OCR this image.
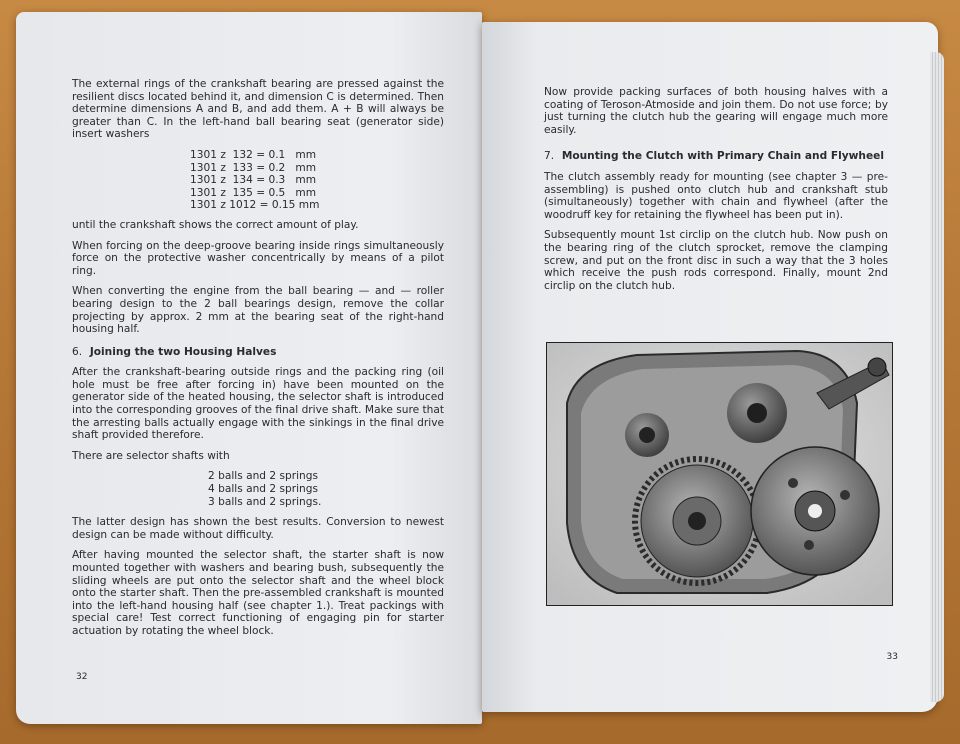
The external rings of the crankshaft bearing are pressed against the resilient discs located behind it, and dimension C is determined. Then determine dimensions A and B, and add them. A + B will always be greater than C. In the left-hand ball bearing seat (generator side) insert washers

1301 z  132 = 0.1   mm
1301 z  133 = 0.2   mm
1301 z  134 = 0.3   mm
1301 z  135 = 0.5   mm
1301 z 1012 = 0.15 mm

until the crankshaft shows the correct amount of play.

When forcing on the deep-groove bearing inside rings simultaneously force on the protective washer concentrically by means of a pilot ring.

When converting the engine from the ball bearing — and — roller bearing design to the 2 ball bearings design, remove the collar projecting by approx. 2 mm at the bearing seat of the right-hand housing half.

6. Joining the two Housing Halves

After the crankshaft-bearing outside rings and the packing ring (oil hole must be free after forcing in) have been mounted on the generator side of the heated housing, the selector shaft is introduced into the corresponding grooves of the final drive shaft. Make sure that the arresting balls actually engage with the sinkings in the final drive shaft provided therefore.

There are selector shafts with

2 balls and 2 springs
4 balls and 2 springs
3 balls and 2 springs.

The latter design has shown the best results. Conversion to newest design can be made without difficulty.

After having mounted the selector shaft, the starter shaft is now mounted together with washers and bearing bush, subsequently the sliding wheels are put onto the selector shaft and the wheel block onto the starter shaft. Then the pre-assembled crankshaft is mounted into the left-hand housing half (see chapter 1.). Treat packings with special care! Test correct functioning of engaging pin for starter actuation by rotating the wheel block.

32

Now provide packing surfaces of both housing halves with a coating of Teroson-Atmoside and join them. Do not use force; by just turning the clutch hub the gearing will engage much more easily.

7. Mounting the Clutch with Primary Chain and Flywheel

The clutch assembly ready for mounting (see chapter 3 — pre-assembling) is pushed onto clutch hub and crankshaft stub (simultaneously) together with chain and flywheel (after the woodruff key for retaining the flywheel has been put in).

Subsequently mount 1st circlip on the clutch hub. Now push on the bearing ring of the clutch sprocket, remove the clamping screw, and put on the front disc in such a way that the 3 holes which receive the push rods correspond. Finally, mount 2nd circlip on the clutch hub.

33
